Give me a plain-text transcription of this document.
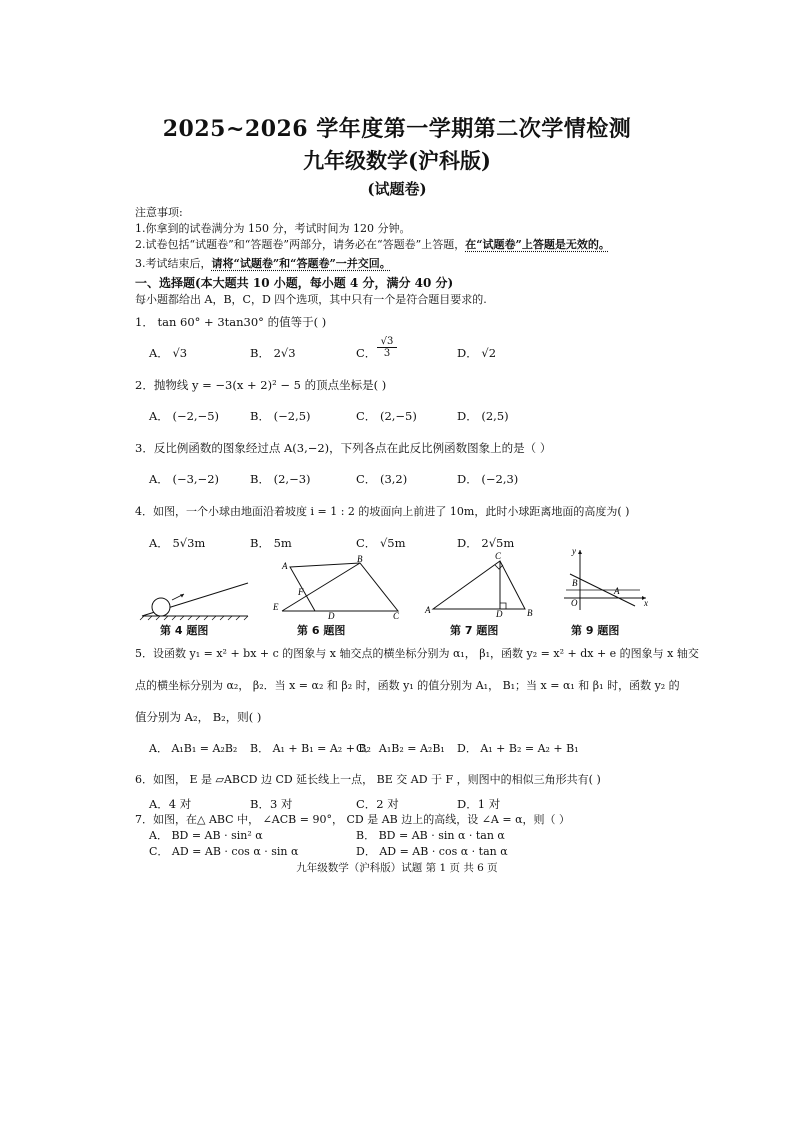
2025~2026 学年度第一学期第二次学情检测
九年级数学(沪科版)
(试题卷)
注意事项:
1.你拿到的试卷满分为 150 分，考试时间为 120 分钟。
2.试卷包括“试题卷”和“答题卷”两部分，请务必在“答题卷”上答题，在“试题卷”上答题是无效的。
3.考试结束后，请将“试题卷”和“答题卷”一并交回。
一、选择题(本大题共 10 小题，每小题 4 分，满分 40 分)
每小题都给出 A，B，C，D 四个选项，其中只有一个是符合题目要求的.
1． tan 60° + 3tan30° 的值等于( )
A． √3	B． 2√3	C． $\frac{√3}{3}$	D． √2
2．抛物线 y = −3(x + 2)² − 5 的顶点坐标是( )
A． (−2,−5)	B． (−2,5)	C． (2,−5)	D． (2,5)
3．反比例函数的图象经过点 A(3,−2)，下列各点在此反比例函数图象上的是（ ）
A． (−3,−2)	B． (2,−3)	C． (3,2)	D． (−2,3)
4．如图，一个小球由地面沿着坡度 i = 1 : 2 的坡面向上前进了 10m，此时小球距离地面的高度为( )
A． 5√3m	B． 5m	C． √5m	D． 2√5m
第 4 题图
A
B
C
D
E
F
第 6 题图
A	B
C
D
第 7 题图
y
x
O
A
B
第 9 题图
5．设函数 y₁ = x² + bx + c 的图象与 x 轴交点的横坐标分别为 α₁， β₁，函数 y₂ = x² + dx + e 的图象与 x 轴交
点的横坐标分别为 α₂， β₂．当 x = α₂ 和 β₂ 时，函数 y₁ 的值分别为 A₁， B₁；当 x = α₁ 和 β₁ 时，函数 y₂ 的
值分别为 A₂， B₂，则( )
A． A₁B₁ = A₂B₂ B． A₁ + B₁ = A₂ + B₂
C． A₁B₂ = A₂B₁ D． A₁ + B₂ = A₂ + B₁
6．如图， E 是 ▱ABCD 边 CD 延长线上一点， BE 交 AD 于 F ，则图中的相似三角形共有( )
A．4 对	B．3 对	C．2 对	D．1 对
7．如图，在△ ABC 中， ∠ACB = 90°， CD 是 AB 边上的高线，设 ∠A = α，则（ ）
A． BD = AB · sin² α	B． BD = AB · sin α · tan α
C． AD = AB · cos α · sin α	D． AD = AB · cos α · tan α
九年级数学（沪科版）试题 第 1 页 共 6 页
